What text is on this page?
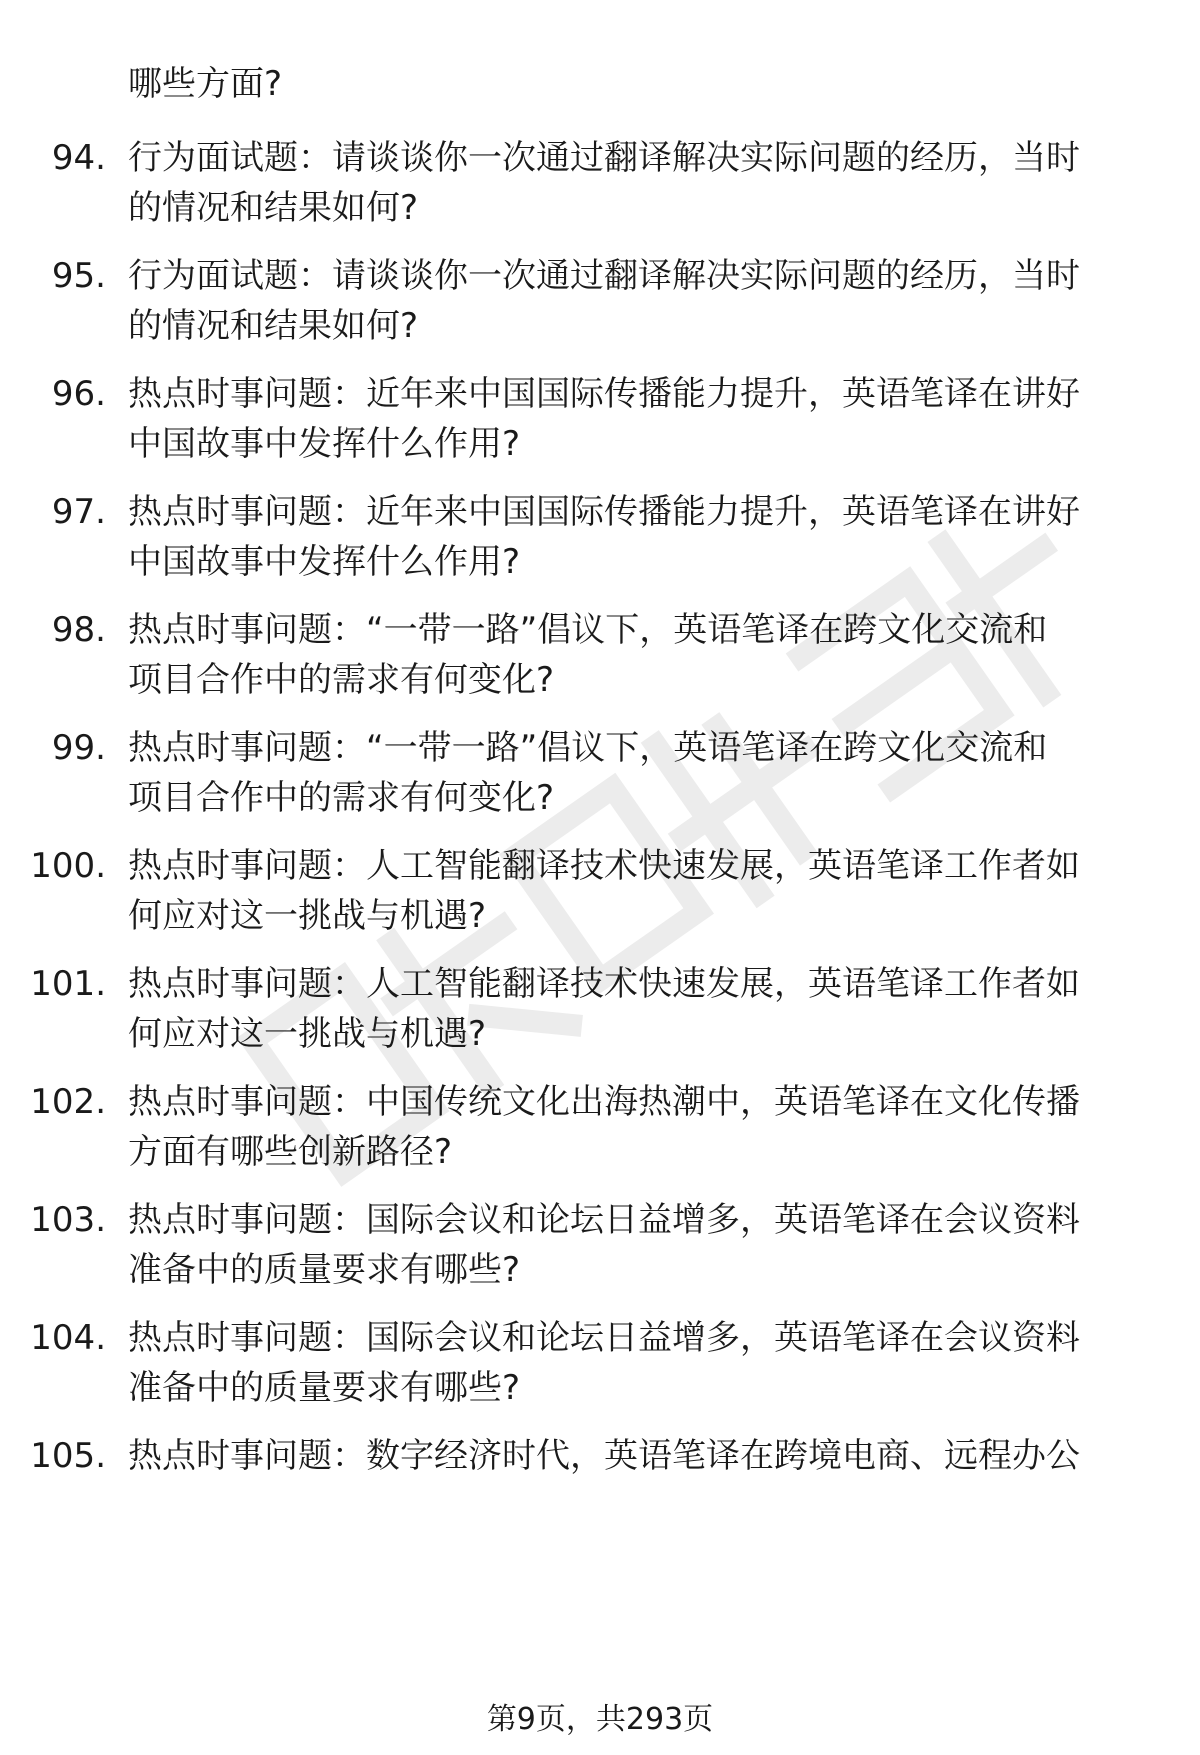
哪些方面?
94. 行为面试题：请谈谈你一次通过翻译解决实际问题的经历，当时
的情况和结果如何?
95. 行为面试题：请谈谈你一次通过翻译解决实际问题的经历，当时
的情况和结果如何?
96. 热点时事问题：近年来中国国际传播能力提升，英语笔译在讲好
中国故事中发挥什么作用?
97. 热点时事问题：近年来中国国际传播能力提升，英语笔译在讲好
中国故事中发挥什么作用?
98. 热点时事问题：“一带一路”倡议下，英语笔译在跨文化交流和
项目合作中的需求有何变化?
99. 热点时事问题：“一带一路”倡议下，英语笔译在跨文化交流和
项目合作中的需求有何变化?
100. 热点时事问题：人工智能翻译技术快速发展，英语笔译工作者如
何应对这一挑战与机遇?
101. 热点时事问题：人工智能翻译技术快速发展，英语笔译工作者如
何应对这一挑战与机遇?
102. 热点时事问题：中国传统文化出海热潮中，英语笔译在文化传播
方面有哪些创新路径?
103. 热点时事问题：国际会议和论坛日益增多，英语笔译在会议资料
准备中的质量要求有哪些?
104. 热点时事问题：国际会议和论坛日益增多，英语笔译在会议资料
准备中的质量要求有哪些?
105. 热点时事问题：数字经济时代，英语笔译在跨境电商、远程办公
第9页，共293页
